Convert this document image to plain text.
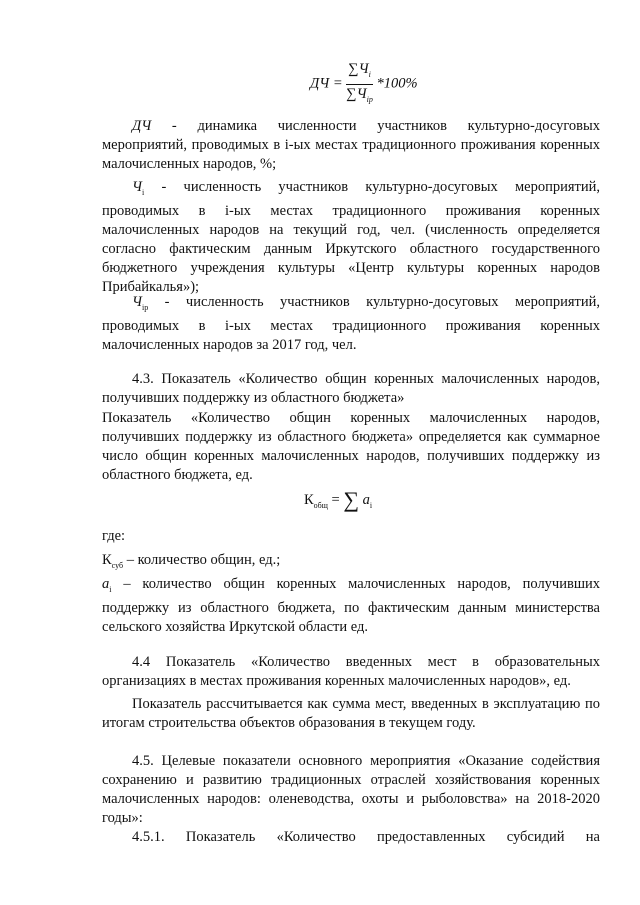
ДЧ = $\frac{\sum Ч_i}{\sum Ч_{ip}} *100\%$

ДЧ - динамика численности участников культурно-досуговых мероприятий, проводимых в i-ых местах традиционного проживания коренных малочисленных народов, %;

$Ч_i$ - численность участников культурно-досуговых мероприятий, проводимых в i-ых местах традиционного проживания коренных малочисленных народов на текущий год, чел. (численность определяется согласно фактическим данным Иркутского областного государственного бюджетного учреждения культуры «Центр культуры коренных народов Прибайкалья»);

$Ч_{ip}$ - численность участников культурно-досуговых мероприятий, проводимых в i-ых местах традиционного проживания коренных малочисленных народов за 2017 год, чел.

4.3. Показатель «Количество общин коренных малочисленных народов, получивших поддержку из областного бюджета»

Показатель «Количество общин коренных малочисленных народов, получивших поддержку из областного бюджета» определяется как суммарное число общин коренных малочисленных народов, получивших поддержку из областного бюджета, ед.

$К_{общ}$ = ∑ $a_i$

где:

$К_{суб}$ – количество общин, ед.;

$a_i$ – количество общин коренных малочисленных народов, получивших поддержку из областного бюджета, по фактическим данным министерства сельского хозяйства Иркутской области ед.

4.4 Показатель «Количество введенных мест в образовательных организациях в местах проживания коренных малочисленных народов», ед.

Показатель рассчитывается как сумма мест, введенных в эксплуатацию по итогам строительства объектов образования в текущем году.

4.5. Целевые показатели основного мероприятия «Оказание содействия сохранению и развитию традиционных отраслей хозяйствования коренных малочисленных народов: оленеводства, охоты и рыболовства» на 2018-2020 годы»:

4.5.1. Показатель «Количество предоставленных субсидий на
